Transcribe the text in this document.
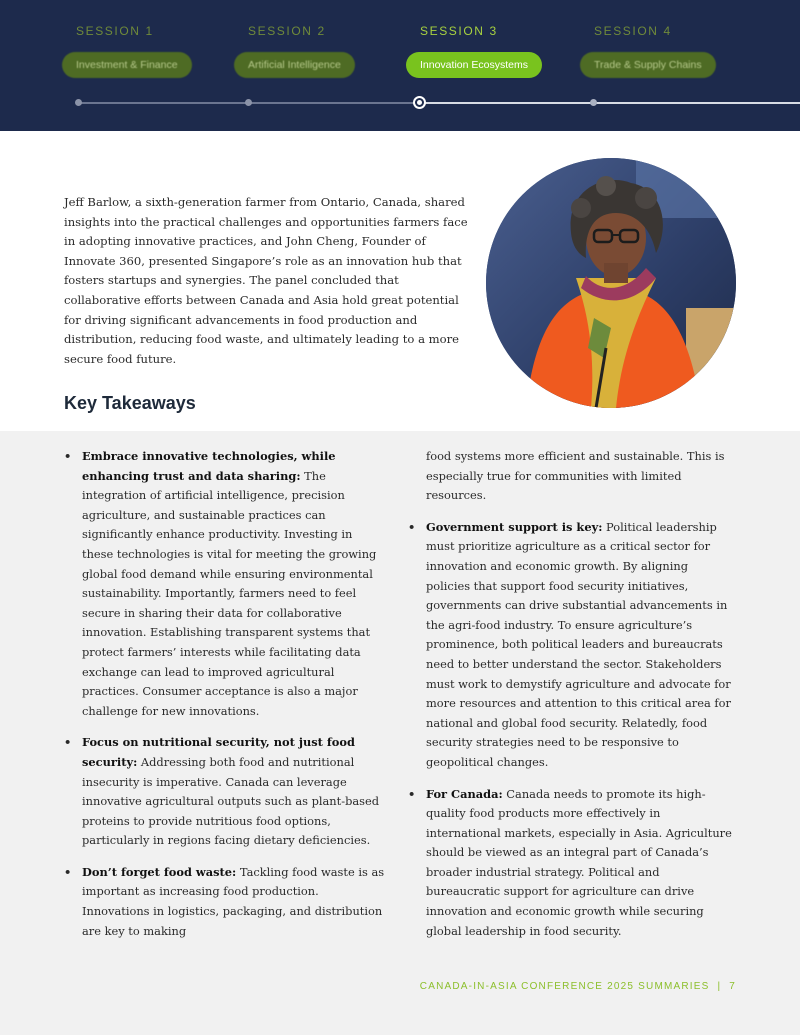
SESSION 1
Investment & Finance
SESSION 2
Artificial Intelligence
SESSION 3
Innovation Ecosystems
SESSION 4
Trade & Supply Chains

Jeff Barlow, a sixth-generation farmer from Ontario, Canada, shared insights into the practical challenges and opportunities farmers face in adopting innovative practices, and John Cheng, Founder of Innovate 360, presented Singapore’s role as an innovation hub that fosters startups and synergies. The panel concluded that collaborative efforts between Canada and Asia hold great potential for driving significant advancements in food production and distribution, reducing food waste, and ultimately leading to a more secure food future.

Key Takeaways

• Embrace innovative technologies, while enhancing trust and data sharing: The integration of artificial intelligence, precision agriculture, and sustainable practices can significantly enhance productivity. Investing in these technologies is vital for meeting the growing global food demand while ensuring environmental sustainability. Importantly, farmers need to feel secure in sharing their data for collaborative innovation. Establishing transparent systems that protect farmers’ interests while facilitating data exchange can lead to improved agricultural practices. Consumer acceptance is also a major challenge for new innovations.

• Focus on nutritional security, not just food security: Addressing both food and nutritional insecurity is imperative. Canada can leverage innovative agricultural outputs such as plant-based proteins to provide nutritious food options, particularly in regions facing dietary deficiencies.

• Don’t forget food waste: Tackling food waste is as important as increasing food production. Innovations in logistics, packaging, and distribution are key to making

food systems more efficient and sustainable. This is especially true for communities with limited resources.

• Government support is key: Political leadership must prioritize agriculture as a critical sector for innovation and economic growth. By aligning policies that support food security initiatives, governments can drive substantial advancements in the agri-food industry. To ensure agriculture’s prominence, both political leaders and bureaucrats need to better understand the sector. Stakeholders must work to demystify agriculture and advocate for more resources and attention to this critical area for national and global food security. Relatedly, food security strategies need to be responsive to geopolitical changes.

• For Canada: Canada needs to promote its high-quality food products more effectively in international markets, especially in Asia. Agriculture should be viewed as an integral part of Canada’s broader industrial strategy. Political and bureaucratic support for agriculture can drive innovation and economic growth while securing global leadership in food security.

CANADA-IN-ASIA CONFERENCE 2025 SUMMARIES  |  7
